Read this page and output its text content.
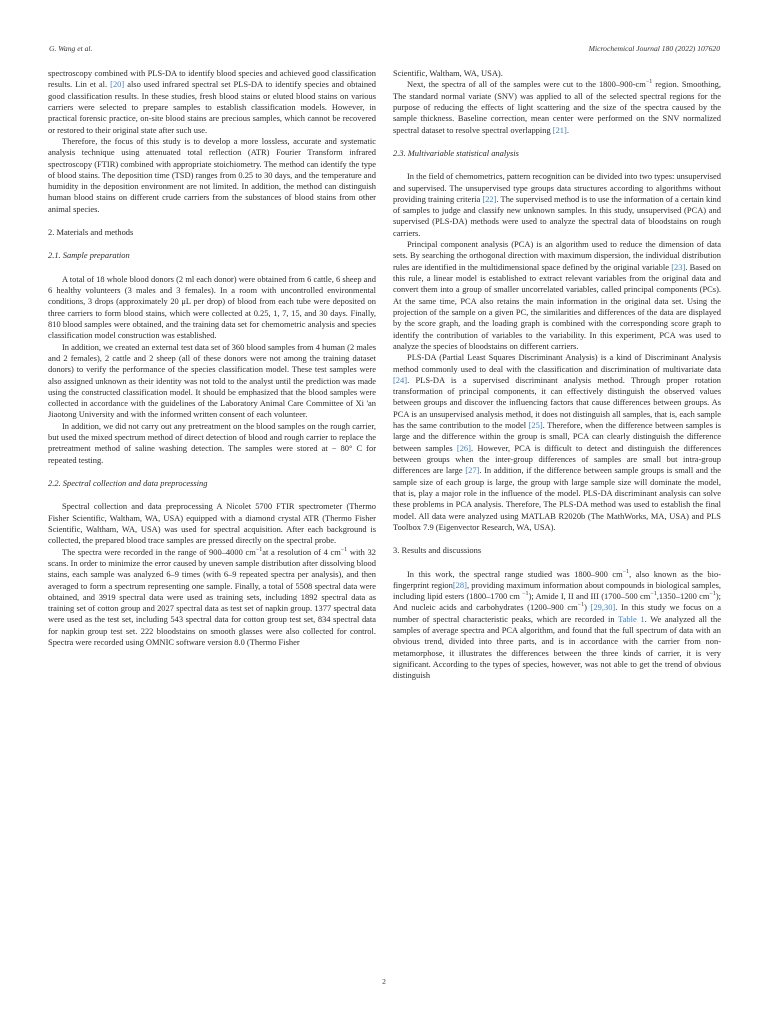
G. Wang et al.	Microchemical Journal 180 (2022) 107620

spectroscopy combined with PLS-DA to identify blood species and achieved good classification results. Lin et al. [20] also used infrared spectral set PLS-DA to identify species and obtained good classification results. In these studies, fresh blood stains or eluted blood stains on various carriers were selected to prepare samples to establish classification models. However, in practical forensic practice, on-site blood stains are precious samples, which cannot be recovered or restored to their original state after such use.

Therefore, the focus of this study is to develop a more lossless, accurate and systematic analysis technique using attenuated total reflection (ATR) Fourier Transform infrared spectroscopy (FTIR) combined with appropriate stoichiometry. The method can identify the type of blood stains. The deposition time (TSD) ranges from 0.25 to 30 days, and the temperature and humidity in the deposition environment are not limited. In addition, the method can distinguish human blood stains on different crude carriers from the substances of blood stains from other animal species.

2. Materials and methods
2.1. Sample preparation

A total of 18 whole blood donors (2 ml each donor) were obtained from 6 cattle, 6 sheep and 6 healthy volunteers (3 males and 3 females). In a room with uncontrolled environmental conditions, 3 drops (approximately 20 μL per drop) of blood from each tube were deposited on three carriers to form blood stains, which were collected at 0.25, 1, 7, 15, and 30 days. Finally, 810 blood samples were obtained, and the training data set for chemometric analysis and species classification model construction was established.

In addition, we created an external test data set of 360 blood samples from 4 human (2 males and 2 females), 2 cattle and 2 sheep (all of these donors were not among the training dataset donors) to verify the performance of the species classification model. These test samples were also assigned unknown as their identity was not told to the analyst until the prediction was made using the constructed classification model. It should be emphasized that the blood samples were collected in accordance with the guidelines of the Laboratory Animal Care Committee of Xi 'an Jiaotong University and with the informed written consent of each volunteer.

In addition, we did not carry out any pretreatment on the blood samples on the rough carrier, but used the mixed spectrum method of direct detection of blood and rough carrier to replace the pretreatment method of saline washing detection. The samples were stored at − 80° C for repeated testing.

2.2. Spectral collection and data preprocessing

Spectral collection and data preprocessing A Nicolet 5700 FTIR spectrometer (Thermo Fisher Scientific, Waltham, WA, USA) equipped with a diamond crystal ATR (Thermo Fisher Scientific, Waltham, WA, USA) was used for spectral acquisition. After each background is collected, the prepared blood trace samples are pressed directly on the spectral probe.

The spectra were recorded in the range of 900–4000 $cm^{-1}at$ a resolution of 4 $cm^{-1}$ with 32 scans. In order to minimize the error caused by uneven sample distribution after dissolving blood stains, each sample was analyzed 6–9 times (with 6–9 repeated spectra per analysis), and then averaged to form a spectrum representing one sample. Finally, a total of 5508 spectral data were obtained, and 3919 spectral data were used as training sets, including 1892 spectral data as training set of cotton group and 2027 spectral data as test set of napkin group. 1377 spectral data were used as the test set, including 543 spectral data for cotton group test set, 834 spectral data for napkin group test set. 222 bloodstains on smooth glasses were also collected for control. Spectra were recorded using OMNIC software version 8.0 (Thermo Fisher

Scientific, Waltham, WA, USA).

Next, the spectra of all of the samples were cut to the $1800-900-cm^{-1}$ region. Smoothing, The standard normal variate (SNV) was applied to all of the selected spectral regions for the purpose of reducing the effects of light scattering and the size of the spectra caused by the sample thickness. Baseline correction, mean center were performed on the SNV normalized spectral dataset to resolve spectral overlapping [21].

2.3. Multivariable statistical analysis

In the field of chemometrics, pattern recognition can be divided into two types: unsupervised and supervised. The unsupervised type groups data structures according to algorithms without providing training criteria [22]. The supervised method is to use the information of a certain kind of samples to judge and classify new unknown samples. In this study, unsupervised (PCA) and supervised (PLS-DA) methods were used to analyze the spectral data of bloodstains on rough carriers.

Principal component analysis (PCA) is an algorithm used to reduce the dimension of data sets. By searching the orthogonal direction with maximum dispersion, the individual distribution rules are identified in the multidimensional space defined by the original variable [23]. Based on this rule, a linear model is established to extract relevant variables from the original data and convert them into a group of smaller uncorrelated variables, called principal components (PCs). At the same time, PCA also retains the main information in the original data set. Using the projection of the sample on a given PC, the similarities and differences of the data are displayed by the score graph, and the loading graph is combined with the corresponding score graph to identify the contribution of variables to the variability. In this experiment, PCA was used to analyze the species of bloodstains on different carriers.

PLS-DA (Partial Least Squares Discriminant Analysis) is a kind of Discriminant Analysis method commonly used to deal with the classification and discrimination of multivariate data [24]. PLS-DA is a supervised discriminant analysis method. Through proper rotation transformation of principal components, it can effectively distinguish the observed values between groups and discover the influencing factors that cause differences between groups. As PCA is an unsupervised analysis method, it does not distinguish all samples, that is, each sample has the same contribution to the model [25]. Therefore, when the difference between samples is large and the difference within the group is small, PCA can clearly distinguish the difference between samples [26]. However, PCA is difficult to detect and distinguish the differences between groups when the inter-group differences of samples are small but intra-group differences are large [27]. In addition, if the difference between sample groups is small and the sample size of each group is large, the group with large sample size will dominate the model, that is, play a major role in the influence of the model. PLS-DA discriminant analysis can solve these problems in PCA analysis. Therefore, The PLS-DA method was used to establish the final model. All data were analyzed using MATLAB R2020b (The MathWorks, MA, USA) and PLS Toolbox 7.9 (Eigenvector Research, WA, USA).

3. Results and discussions

In this work, the spectral range studied was 1800–900 $cm^{-1}$, also known as the bio-fingerprint region[28], providing maximum information about compounds in biological samples, including lipid esters (1800–1700 cm $^{-1}$); Amide I, II and III (1700–500 $cm^{-1},1350-1200$ $cm^{-1}$); And nucleic acids and carbohydrates (1200–900 $cm^{-1}$) [29,30]. In this study we focus on a number of spectral characteristic peaks, which are recorded in Table 1. We analyzed all the samples of average spectra and PCA algorithm, and found that the full spectrum of data with an obvious trend, divided into three parts, and is in accordance with the carrier from non-metamorphose, it illustrates the differences between the three kinds of carrier, it is very significant. According to the types of species, however, was not able to get the trend of obvious distinguish

2
